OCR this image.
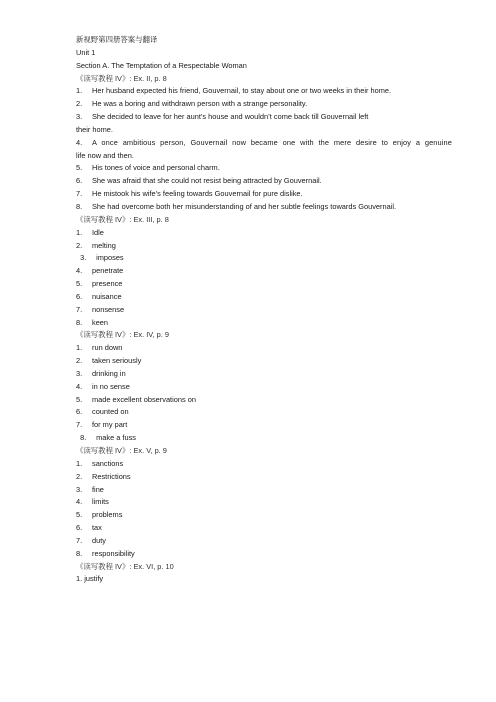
新视野第四册答案与翻译
Unit 1
Section A. The Temptation of a Respectable Woman
《读写教程 IV》: Ex. II, p. 8
1. Her husband expected his friend, Gouvernail, to stay about one or two weeks in their home.
2. He was a boring and withdrawn person with a strange personality.
3. She decided to leave for her aunt’s house and wouldn’t come back till Gouvernail left
their home.
4. A once ambitious person, Gouvernail now became one with the mere desire to enjoy a genuine
life now and then.
5. His tones of voice and personal charm.
6. She was afraid that she could not resist being attracted by Gouvernail.
7. He mistook his wife’s feeling towards Gouvernail for pure dislike.
8. She had overcome both her misunderstanding of and her subtle feelings towards Gouvernail.
《读写教程 IV》: Ex. III, p. 8
1. Idle
2. melting
3. imposes
4. penetrate
5. presence
6. nuisance
7. nonsense
8. keen
《读写教程 IV》: Ex. IV, p. 9
1. run down
2. taken seriously
3. drinking in
4. in no sense
5. made excellent observations on
6. counted on
7. for my part
8. make a fuss
《读写教程 IV》: Ex. V, p. 9
1. sanctions
2. Restrictions
3. fine
4. limits
5. problems
6. tax
7. duty
8. responsibility
《读写教程 IV》: Ex. VI, p. 10
1. justify
